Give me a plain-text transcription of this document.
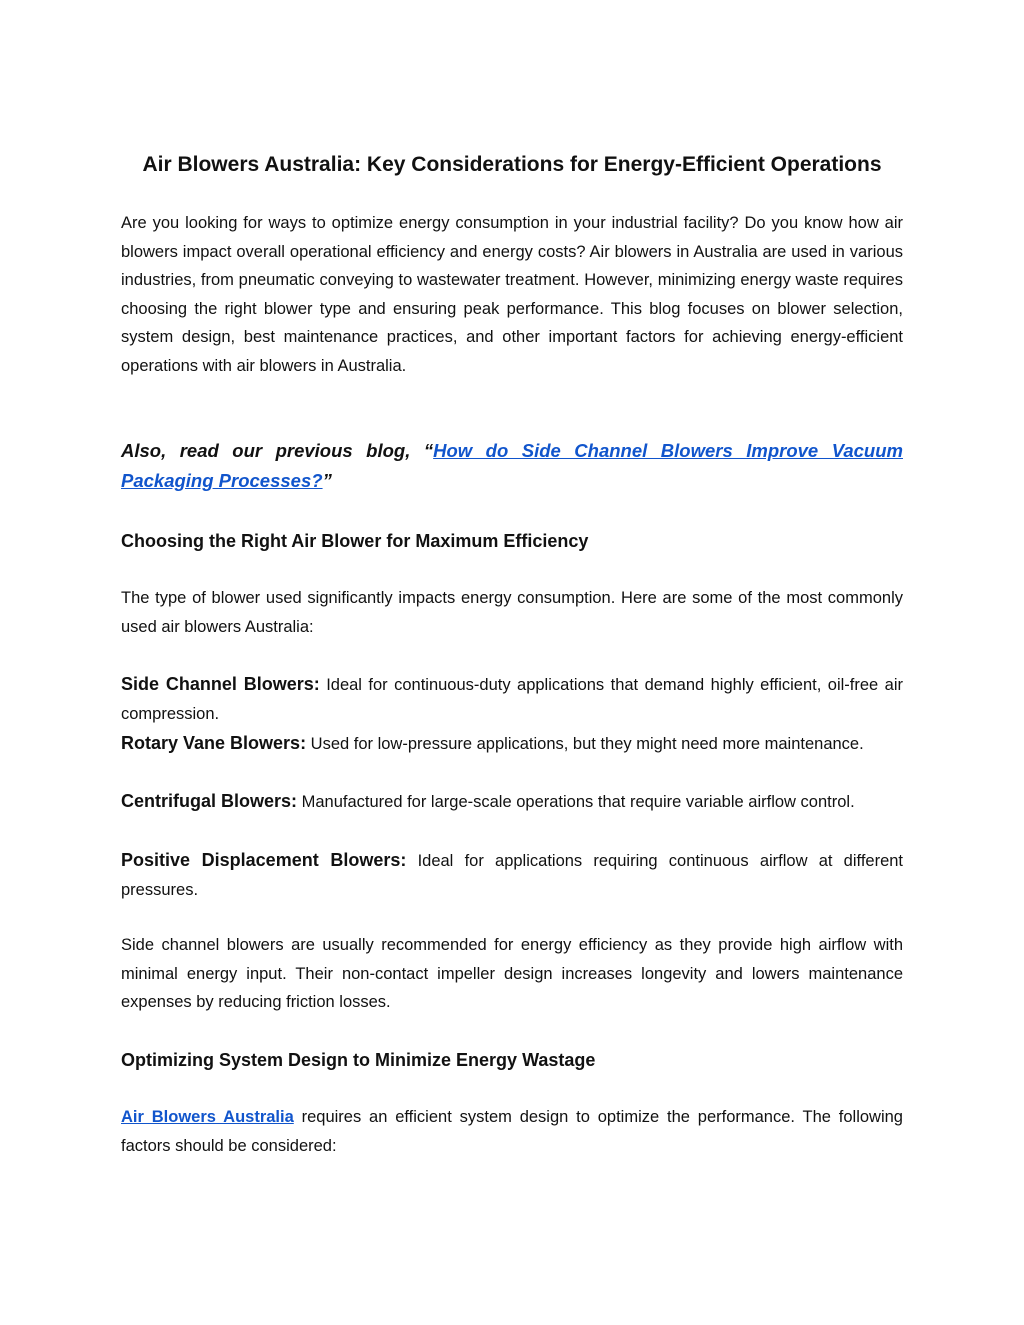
Air Blowers Australia: Key Considerations for Energy-Efficient Operations

Are you looking for ways to optimize energy consumption in your industrial facility? Do you know how air blowers impact overall operational efficiency and energy costs? Air blowers in Australia are used in various industries, from pneumatic conveying to wastewater treatment. However, minimizing energy waste requires choosing the right blower type and ensuring peak performance. This blog focuses on blower selection, system design, best maintenance practices, and other important factors for achieving energy-efficient operations with air blowers in Australia.

Also, read our previous blog, “How do Side Channel Blowers Improve Vacuum Packaging Processes?”

Choosing the Right Air Blower for Maximum Efficiency

The type of blower used significantly impacts energy consumption. Here are some of the most commonly used air blowers Australia:

Side Channel Blowers: Ideal for continuous-duty applications that demand highly efficient, oil-free air compression.

Rotary Vane Blowers: Used for low-pressure applications, but they might need more maintenance.

Centrifugal Blowers: Manufactured for large-scale operations that require variable airflow control.

Positive Displacement Blowers: Ideal for applications requiring continuous airflow at different pressures.

Side channel blowers are usually recommended for energy efficiency as they provide high airflow with minimal energy input. Their non-contact impeller design increases longevity and lowers maintenance expenses by reducing friction losses.

Optimizing System Design to Minimize Energy Wastage

Air Blowers Australia requires an efficient system design to optimize the performance. The following factors should be considered:
